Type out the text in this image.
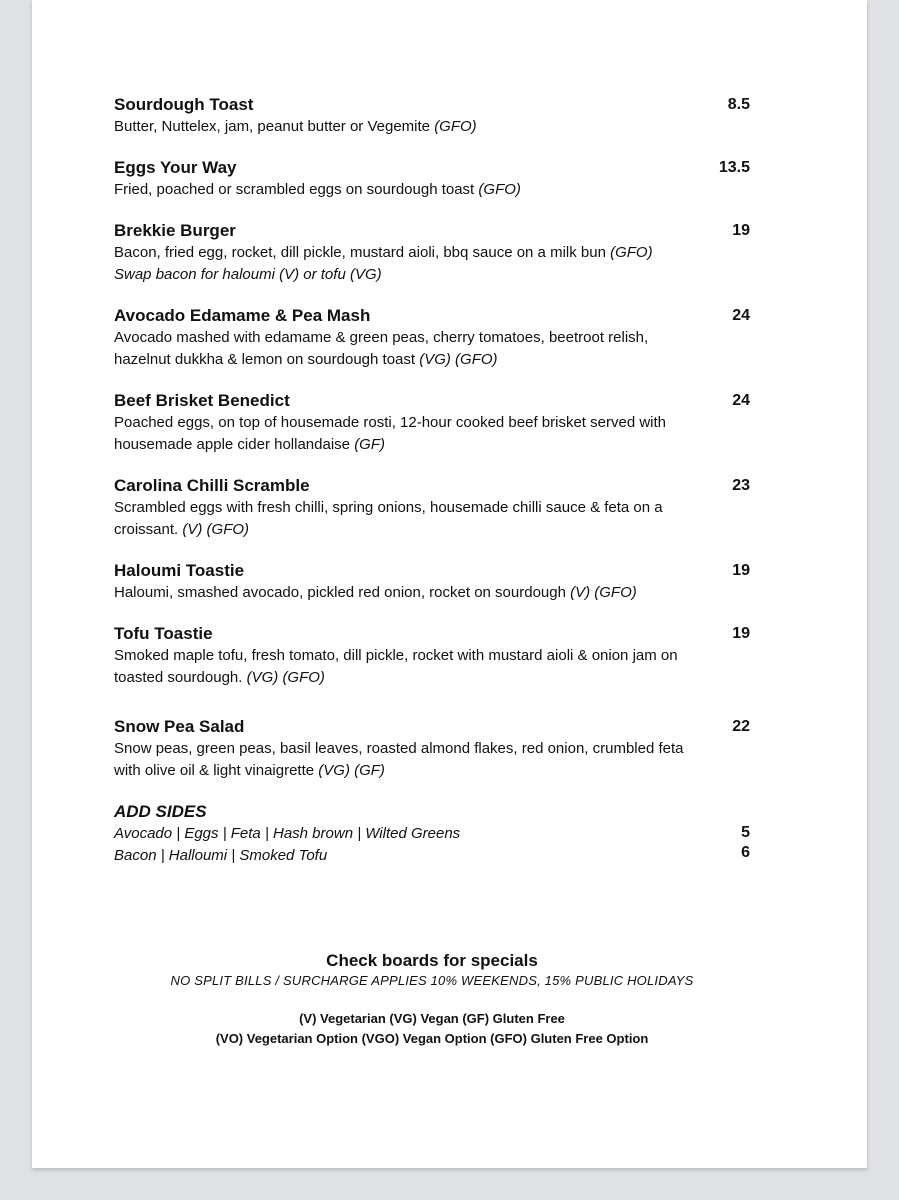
Sourdough Toast	8.5
Butter, Nuttelex, jam, peanut butter or Vegemite (GFO)
Eggs Your Way	13.5
Fried, poached or scrambled eggs on sourdough toast (GFO)
Brekkie Burger	19
Bacon, fried egg, rocket, dill pickle, mustard aioli, bbq sauce on a milk bun (GFO)
Swap bacon for haloumi (V) or tofu (VG)
Avocado Edamame & Pea Mash	24
Avocado mashed with edamame & green peas, cherry tomatoes, beetroot relish, hazelnut dukkha & lemon on sourdough toast (VG) (GFO)
Beef Brisket Benedict	24
Poached eggs, on top of housemade rosti, 12-hour cooked beef brisket served with housemade apple cider hollandaise (GF)
Carolina Chilli Scramble	23
Scrambled eggs with fresh chilli, spring onions, housemade chilli sauce & feta on a croissant. (V) (GFO)
Haloumi Toastie	19
Haloumi, smashed avocado, pickled red onion, rocket on sourdough (V) (GFO)
Tofu Toastie	19
Smoked maple tofu, fresh tomato, dill pickle, rocket with mustard aioli & onion jam on toasted sourdough. (VG) (GFO)
Snow Pea Salad	22
Snow peas, green peas, basil leaves, roasted almond flakes, red onion, crumbled feta with olive oil & light vinaigrette (VG) (GF)
ADD SIDES
Avocado | Eggs | Feta | Hash brown | Wilted Greens
Bacon | Halloumi | Smoked Tofu
5
6
Check boards for specials
NO SPLIT BILLS / SURCHARGE APPLIES 10% WEEKENDS, 15% PUBLIC HOLIDAYS
(V) Vegetarian (VG) Vegan (GF) Gluten Free
(VO) Vegetarian Option (VGO) Vegan Option (GFO) Gluten Free Option
